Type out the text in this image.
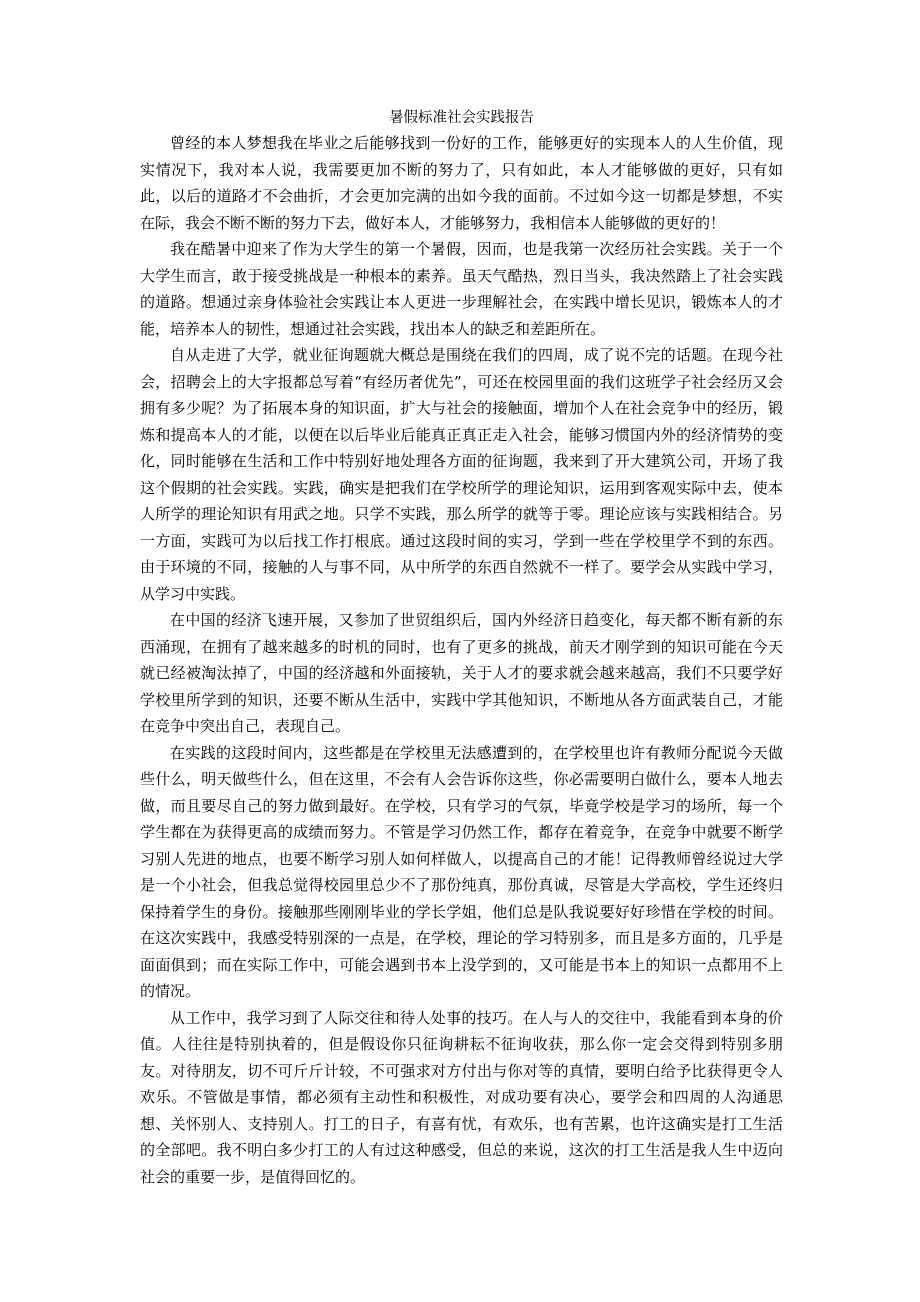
暑假标准社会实践报告

曾经的本人梦想我在毕业之后能够找到一份好的工作，能够更好的实现本人的人生价值，现实情况下，我对本人说，我需要更加不断的努力了，只有如此，本人才能够做的更好，只有如此，以后的道路才不会曲折，才会更加完满的出如今我的面前。不过如今这一切都是梦想，不实在际，我会不断不断的努力下去，做好本人，才能够努力，我相信本人能够做的更好的！

我在酷暑中迎来了作为大学生的第一个暑假，因而，也是我第一次经历社会实践。关于一个大学生而言，敢于接受挑战是一种根本的素养。虽天气酷热，烈日当头，我决然踏上了社会实践的道路。想通过亲身体验社会实践让本人更进一步理解社会，在实践中增长见识，锻炼本人的才能，培养本人的韧性，想通过社会实践，找出本人的缺乏和差距所在。

自从走进了大学，就业征询题就大概总是围绕在我们的四周，成了说不完的话题。在现今社会，招聘会上的大字报都总写着“有经历者优先”，可还在校园里面的我们这班学子社会经历又会拥有多少呢？为了拓展本身的知识面，扩大与社会的接触面，增加个人在社会竞争中的经历，锻炼和提高本人的才能，以便在以后毕业后能真正真正走入社会，能够习惯国内外的经济情势的变化，同时能够在生活和工作中特别好地处理各方面的征询题，我来到了开大建筑公司，开场了我这个假期的社会实践。实践，确实是把我们在学校所学的理论知识，运用到客观实际中去，使本人所学的理论知识有用武之地。只学不实践，那么所学的就等于零。理论应该与实践相结合。另一方面，实践可为以后找工作打根底。通过这段时间的实习，学到一些在学校里学不到的东西。由于环境的不同，接触的人与事不同，从中所学的东西自然就不一样了。要学会从实践中学习，从学习中实践。

在中国的经济飞速开展，又参加了世贸组织后，国内外经济日趋变化，每天都不断有新的东西涌现，在拥有了越来越多的时机的同时，也有了更多的挑战，前天才刚学到的知识可能在今天就已经被淘汰掉了，中国的经济越和外面接轨，关于人才的要求就会越来越高，我们不只要学好学校里所学到的知识，还要不断从生活中，实践中学其他知识，不断地从各方面武装自己，才能在竞争中突出自己，表现自己。

在实践的这段时间内，这些都是在学校里无法感遭到的，在学校里也许有教师分配说今天做些什么，明天做些什么，但在这里，不会有人会告诉你这些，你必需要明白做什么，要本人地去做，而且要尽自己的努力做到最好。在学校，只有学习的气氛，毕竟学校是学习的场所，每一个学生都在为获得更高的成绩而努力。不管是学习仍然工作，都存在着竞争，在竞争中就要不断学习别人先进的地点，也要不断学习别人如何样做人，以提高自己的才能！记得教师曾经说过大学是一个小社会，但我总觉得校园里总少不了那份纯真，那份真诚，尽管是大学高校，学生还终归保持着学生的身份。接触那些刚刚毕业的学长学姐，他们总是队我说要好好珍惜在学校的时间。在这次实践中，我感受特别深的一点是，在学校，理论的学习特别多，而且是多方面的，几乎是面面俱到；而在实际工作中，可能会遇到书本上没学到的，又可能是书本上的知识一点都用不上的情况。

从工作中，我学习到了人际交往和待人处事的技巧。在人与人的交往中，我能看到本身的价值。人往往是特别执着的，但是假设你只征询耕耘不征询收获，那么你一定会交得到特别多朋友。对待朋友，切不可斤斤计较，不可强求对方付出与你对等的真情，要明白给予比获得更令人欢乐。不管做是事情，都必须有主动性和积极性，对成功要有决心，要学会和四周的人沟通思想、关怀别人、支持别人。打工的日子，有喜有忧，有欢乐，也有苦累，也许这确实是打工生活的全部吧。我不明白多少打工的人有过这种感受，但总的来说，这次的打工生活是我人生中迈向社会的重要一步，是值得回忆的。
